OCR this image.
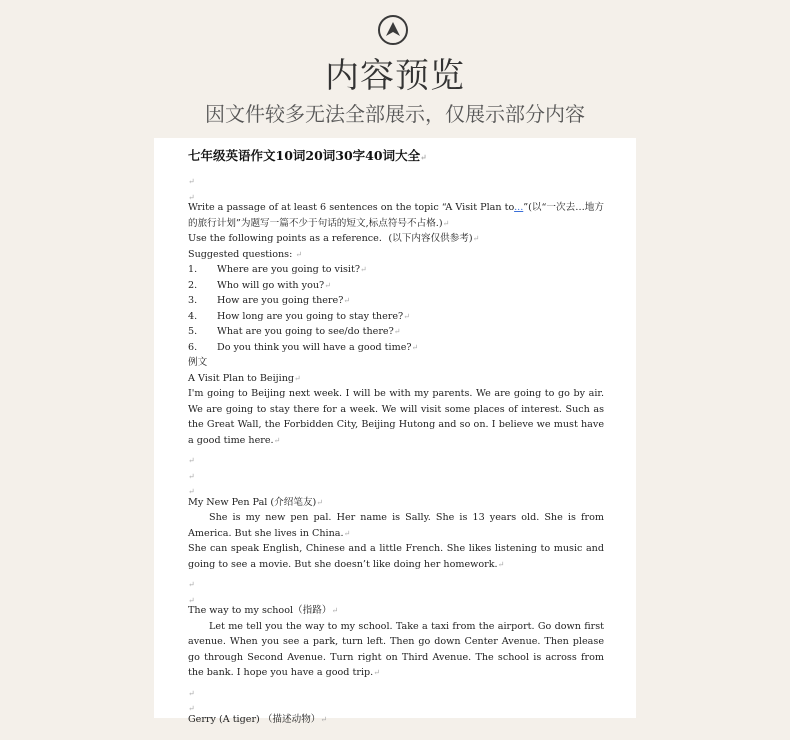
内容预览
因文件较多无法全部展示，仅展示部分内容
七年级英语作文10词20词30字40词大全↵
↵
↵
Write a passage of at least 6 sentences on the topic “A Visit Plan to...”(以“一次去…地方的旅行计划”为题写一篇不少于句话的短文,标点符号不占格.)↵
Use the following points as a reference．(以下内容仅供参考)↵
Suggested questions: ↵
1. Where are you going to visit?↵
2. Who will go with you?↵
3. How are you going there?↵
4. How long are you going to stay there?↵
5. What are you going to see/do there?↵
6. Do you think you will have a good time?↵
例文
A Visit Plan to Beijing↵
I'm going to Beijing next week. I will be with my parents. We are going to go by air. We are going to stay there for a week. We will visit some places of interest. Such as the Great Wall, the Forbidden City, Beijing Hutong and so on. I believe we must have a good time here.↵
↵
↵
↵
My New Pen Pal (介绍笔友)↵
She is my new pen pal. Her name is Sally. She is 13 years old. She is from America. But she lives in China.↵
She can speak English, Chinese and a little French. She likes listening to music and going to see a movie. But she doesn’t like doing her homework.↵
↵
↵
The way to my school（指路）↵
Let me tell you the way to my school. Take a taxi from the airport. Go down first avenue. When you see a park, turn left. Then go down Center Avenue. Then please go through Second Avenue. Turn right on Third Avenue. The school is across from the bank. I hope you have a good trip.↵
↵
↵
Gerry (A tiger) （描述动物）↵
